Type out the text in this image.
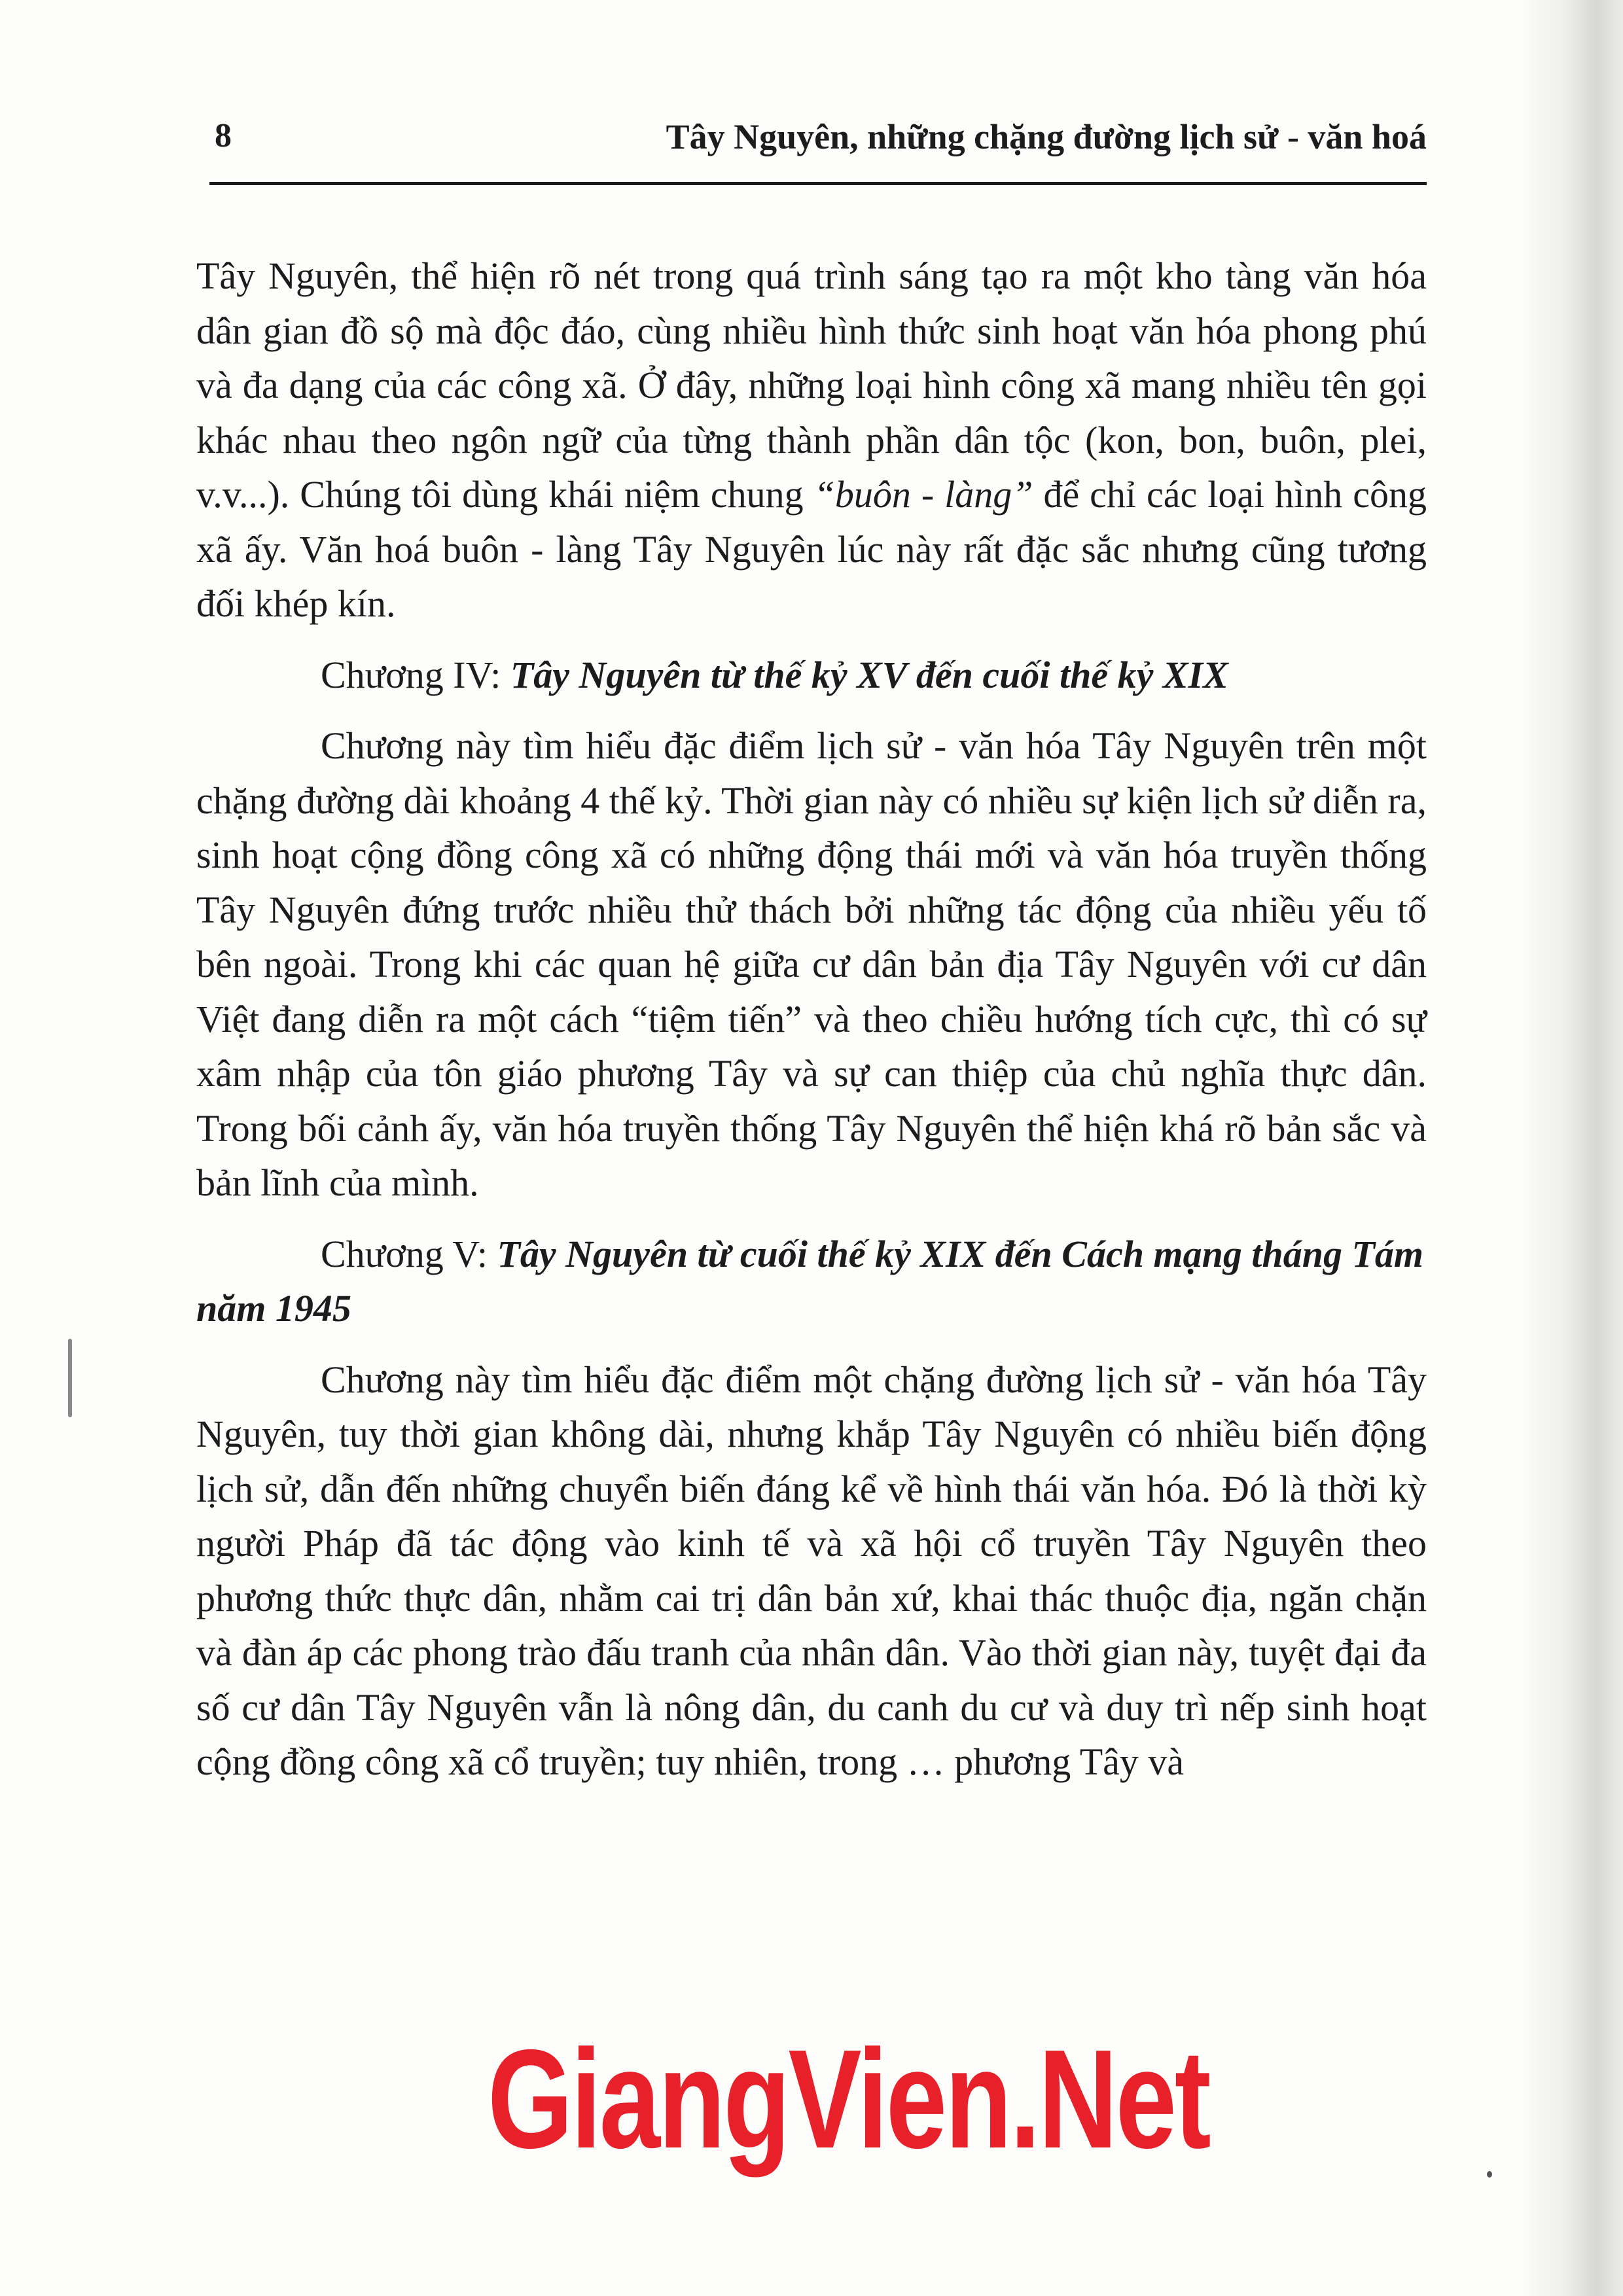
8	Tây Nguyên, những chặng đường lịch sử - văn hoá

Tây Nguyên, thể hiện rõ nét trong quá trình sáng tạo ra một kho tàng văn hóa dân gian đồ sộ mà độc đáo, cùng nhiều hình thức sinh hoạt văn hóa phong phú và đa dạng của các công xã. Ở đây, những loại hình công xã mang nhiều tên gọi khác nhau theo ngôn ngữ của từng thành phần dân tộc (kon, bon, buôn, plei, v.v...). Chúng tôi dùng khái niệm chung “buôn - làng” để chỉ các loại hình công xã ấy. Văn hoá buôn - làng Tây Nguyên lúc này rất đặc sắc nhưng cũng tương đối khép kín.

Chương IV: Tây Nguyên từ thế kỷ XV đến cuối thế kỷ XIX

Chương này tìm hiểu đặc điểm lịch sử - văn hóa Tây Nguyên trên một chặng đường dài khoảng 4 thế kỷ. Thời gian này có nhiều sự kiện lịch sử diễn ra, sinh hoạt cộng đồng công xã có những động thái mới và văn hóa truyền thống Tây Nguyên đứng trước nhiều thử thách bởi những tác động của nhiều yếu tố bên ngoài. Trong khi các quan hệ giữa cư dân bản địa Tây Nguyên với cư dân Việt đang diễn ra một cách “tiệm tiến” và theo chiều hướng tích cực, thì có sự xâm nhập của tôn giáo phương Tây và sự can thiệp của chủ nghĩa thực dân. Trong bối cảnh ấy, văn hóa truyền thống Tây Nguyên thể hiện khá rõ bản sắc và bản lĩnh của mình.

Chương V: Tây Nguyên từ cuối thế kỷ XIX đến Cách mạng tháng Tám năm 1945

Chương này tìm hiểu đặc điểm một chặng đường lịch sử - văn hóa Tây Nguyên, tuy thời gian không dài, nhưng khắp Tây Nguyên có nhiều biến động lịch sử, dẫn đến những chuyển biến đáng kể về hình thái văn hóa. Đó là thời kỳ người Pháp đã tác động vào kinh tế và xã hội cổ truyền Tây Nguyên theo phương thức thực dân, nhằm cai trị dân bản xứ, khai thác thuộc địa, ngăn chặn và đàn áp các phong trào đấu tranh của nhân dân. Vào thời gian này, tuyệt đại đa số cư dân Tây Nguyên vẫn là nông dân, du canh du cư và duy trì nếp sinh hoạt cộng đồng công xã cổ truyền; tuy nhiên, trong … phương Tây và

GiangVien.Net
